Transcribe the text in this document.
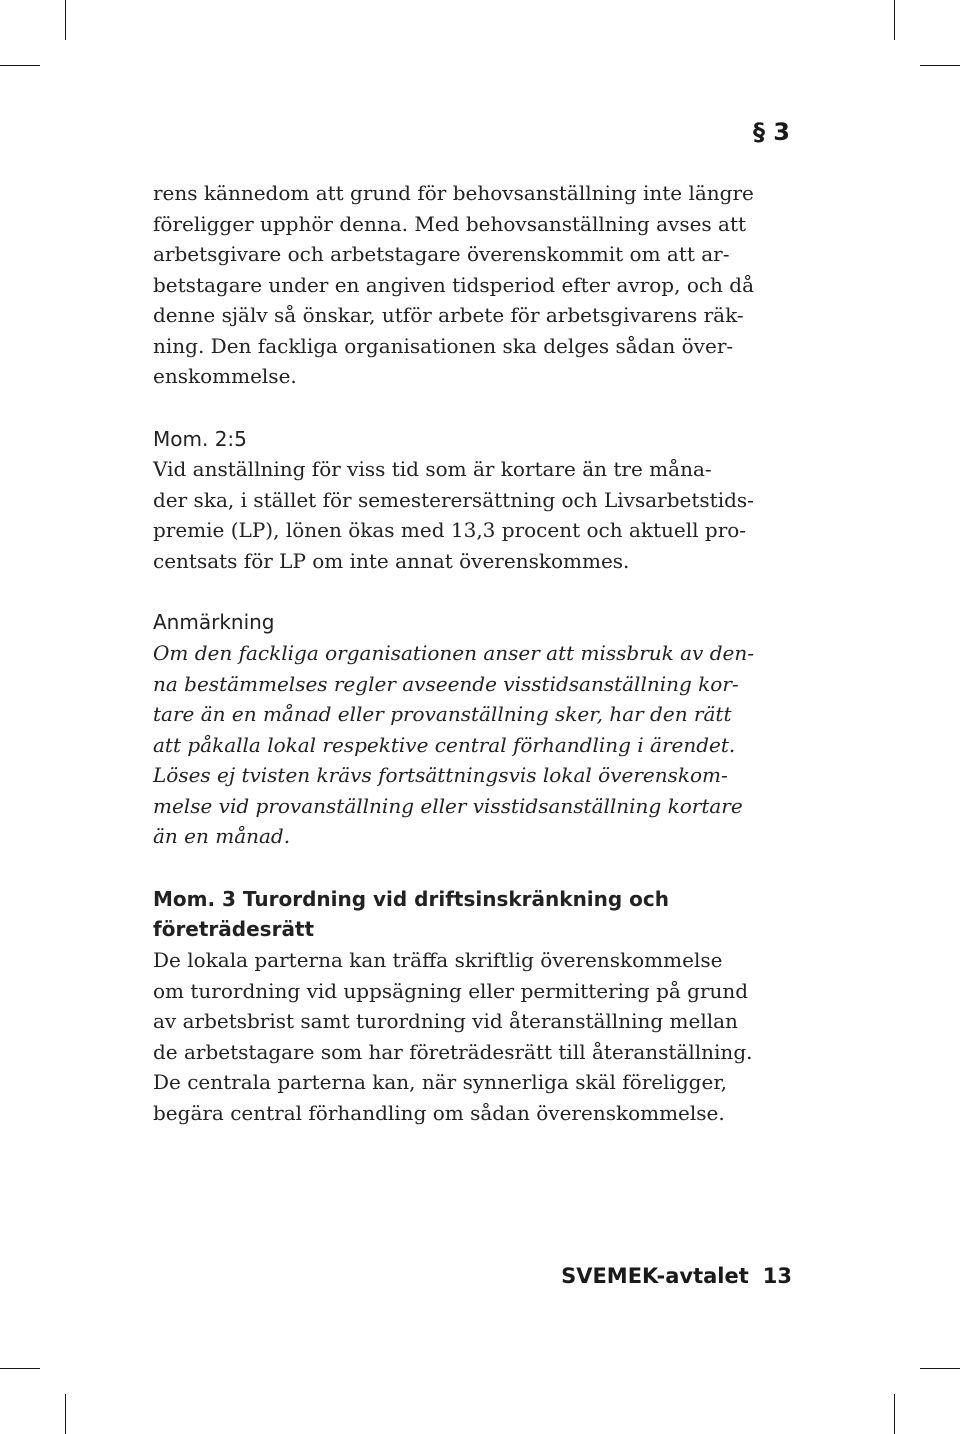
§ 3
rens kännedom att grund för behovsanställning inte längre
föreligger upphör denna. Med behovsanställning avses att
arbetsgivare och arbetstagare överenskommit om att ar-
betstagare under en angiven tidsperiod efter avrop, och då
denne själv så önskar, utför arbete för arbetsgivarens räk-
ning. Den fackliga organisationen ska delges sådan över-
enskommelse.
Mom. 2:5
Vid anställning för viss tid som är kortare än tre måna-
der ska, i stället för semesterersättning och Livsarbetstids-
premie (LP), lönen ökas med 13,3 procent och aktuell pro-
centsats för LP om inte annat överenskommes.
Anmärkning
Om den fackliga organisationen anser att missbruk av den-
na bestämmelses regler avseende visstidsanställning kor-
tare än en månad eller provanställning sker, har den rätt
att påkalla lokal respektive central förhandling i ärendet.
Löses ej tvisten krävs fortsättningsvis lokal överenskom-
melse vid provanställning eller visstidsanställning kortare
än en månad.
Mom. 3 Turordning vid driftsinskränkning och
företrädesrätt
De lokala parterna kan träffa skriftlig överenskommelse
om turordning vid uppsägning eller permittering på grund
av arbetsbrist samt turordning vid återanställning mellan
de arbetstagare som har företrädesrätt till återanställning.
De centrala parterna kan, när synnerliga skäl föreligger,
begära central förhandling om sådan överenskommelse.
SVEMEK-avtalet 13
